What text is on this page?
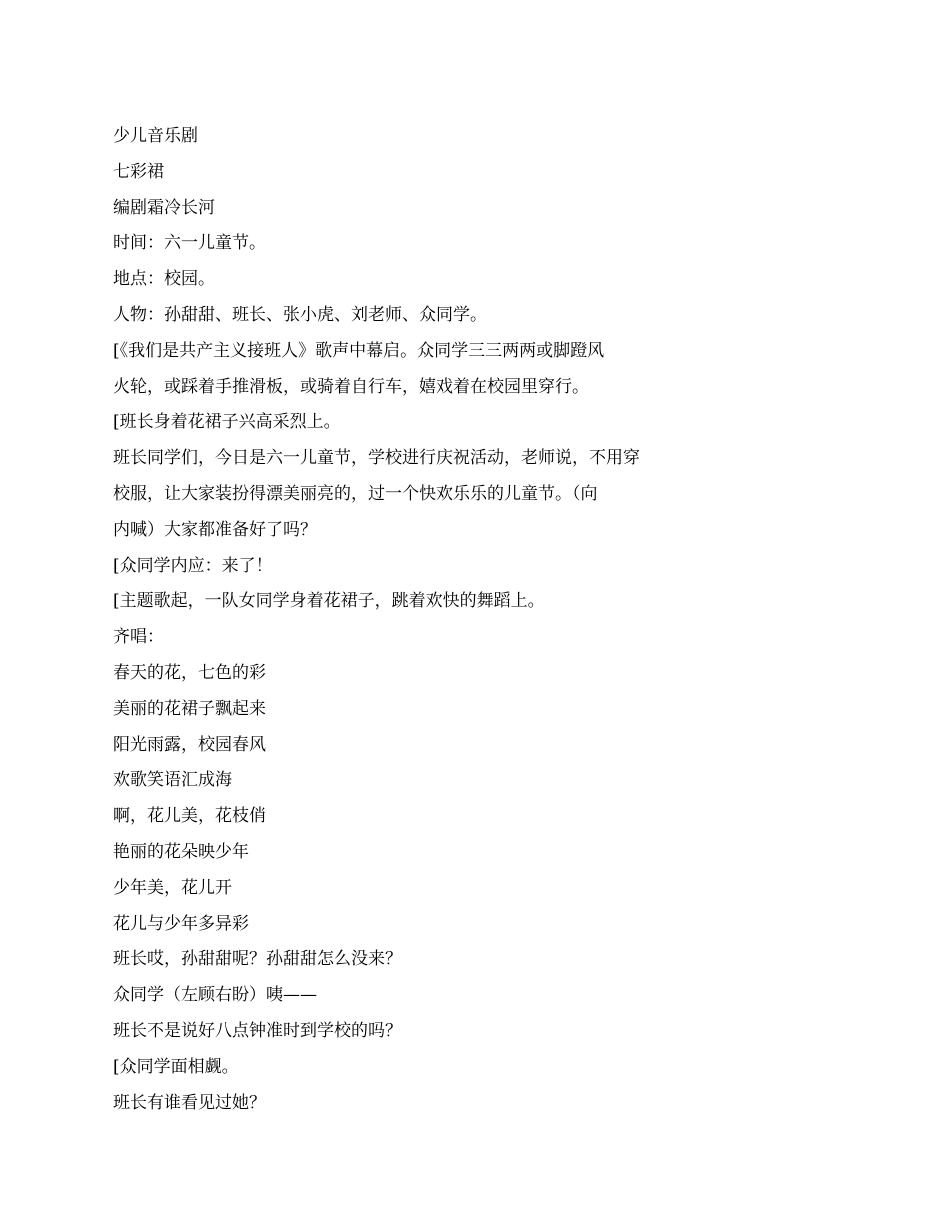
少儿音乐剧
七彩裙
编剧霜冷长河
时间：六一儿童节。
地点：校园。
人物：孙甜甜、班长、张小虎、刘老师、众同学。
[《我们是共产主义接班人》歌声中幕启。众同学三三两两或脚蹬风
火轮，或踩着手推滑板，或骑着自行车，嬉戏着在校园里穿行。
[班长身着花裙子兴高采烈上。
班长同学们，今日是六一儿童节，学校进行庆祝活动，老师说，不用穿
校服，让大家装扮得漂美丽亮的，过一个快欢乐乐的儿童节。（向
内喊）大家都准备好了吗？
[众同学内应：来了！
[主题歌起，一队女同学身着花裙子，跳着欢快的舞蹈上。
齐唱：
春天的花，七色的彩
美丽的花裙子飘起来
阳光雨露，校园春风
欢歌笑语汇成海
啊，花儿美，花枝俏
艳丽的花朵映少年
少年美，花儿开
花儿与少年多异彩
班长哎，孙甜甜呢？孙甜甜怎么没来？
众同学（左顾右盼）咦——
班长不是说好八点钟准时到学校的吗？
[众同学面相觑。
班长有谁看见过她？
